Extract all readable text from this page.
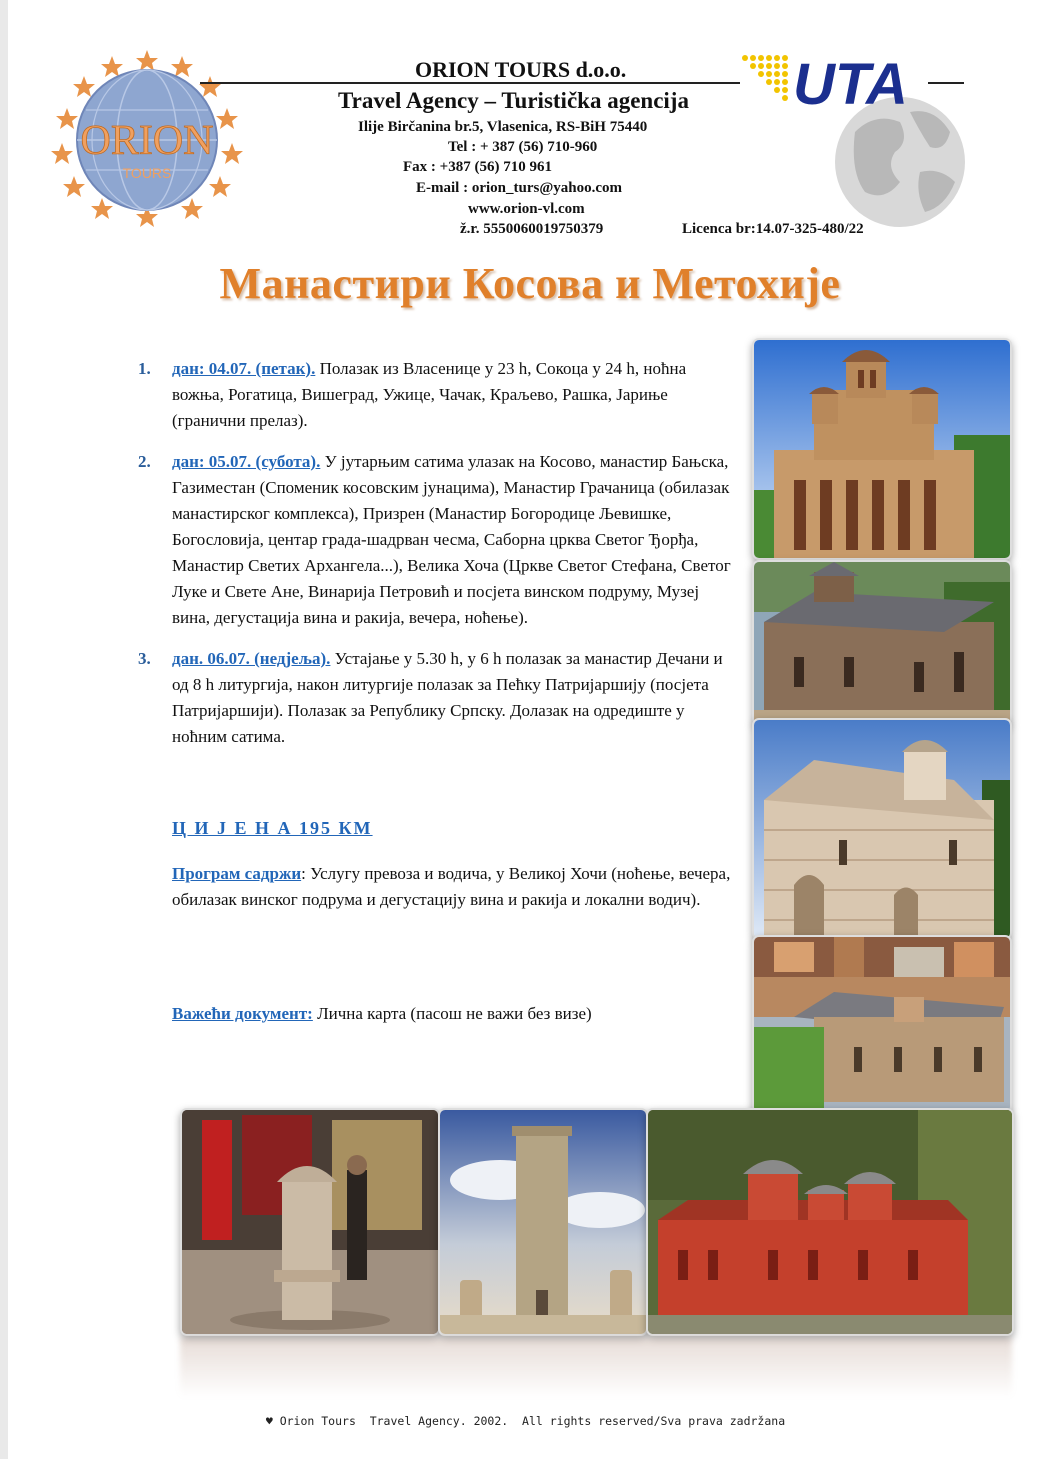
ORION
TOURS
UTA
ORION TOURS d.o.o.
Travel Agency – Turistička agencija
Ilije Birčanina br.5, Vlasenica, RS-BiH 75440
Tel : + 387 (56) 710-960
Fax : +387 (56) 710 961
E-mail : orion_turs@yahoo.com
www.orion-vl.com
ž.r. 5550060019750379	Licenca br:14.07-325-480/22
Манастири Косова и Метохије
1. дан: 04.07. (петак). Полазак из Власенице у 23 h, Сокоца у 24 h, ноћна вожња, Рогатица, Вишеград, Ужице, Чачак, Краљево, Рашка, Јариње (гранични прелаз).
2. дан: 05.07. (субота). У јутарњим сатима улазак на Косово, манастир Бањска, Газиместан (Споменик косовским јунацима), Манастир Грачаница (обилазак манастирског комплекса), Призрен (Манастир Богородице Љевишке, Богословија, центар града-шадрван чесма, Саборна црква Светог Ђорђа, Манастир Светих Архангела...), Велика Хоча (Цркве Светог Стефана, Светог Луке и Свете Ане, Винарија Петровић и посјета винском подруму, Музеј вина, дегустација вина и ракија, вечера, ноћење).
3. дан. 06.07. (недјеља). Устајање у 5.30 h, у 6 h полазак за манастир Дечани и од 8 h литургија, након литургије полазак за Пећку Патријаршију (посјета Патријаршији). Полазак за Републику Српску. Долазак на одредиште у ноћним сатима.
Ц И Ј Е Н А 195 КМ
Програм садржи: Услугу превоза и водича, у Великој Хочи (ноћење, вечера, обилазак винског подрума и дегустацију вина и ракија и локални водич).
Важећи документ: Лична карта (пасош не важи без визе)
♥ Orion Tours  Travel Agency. 2002.  All rights reserved/Sva prava zadržana
